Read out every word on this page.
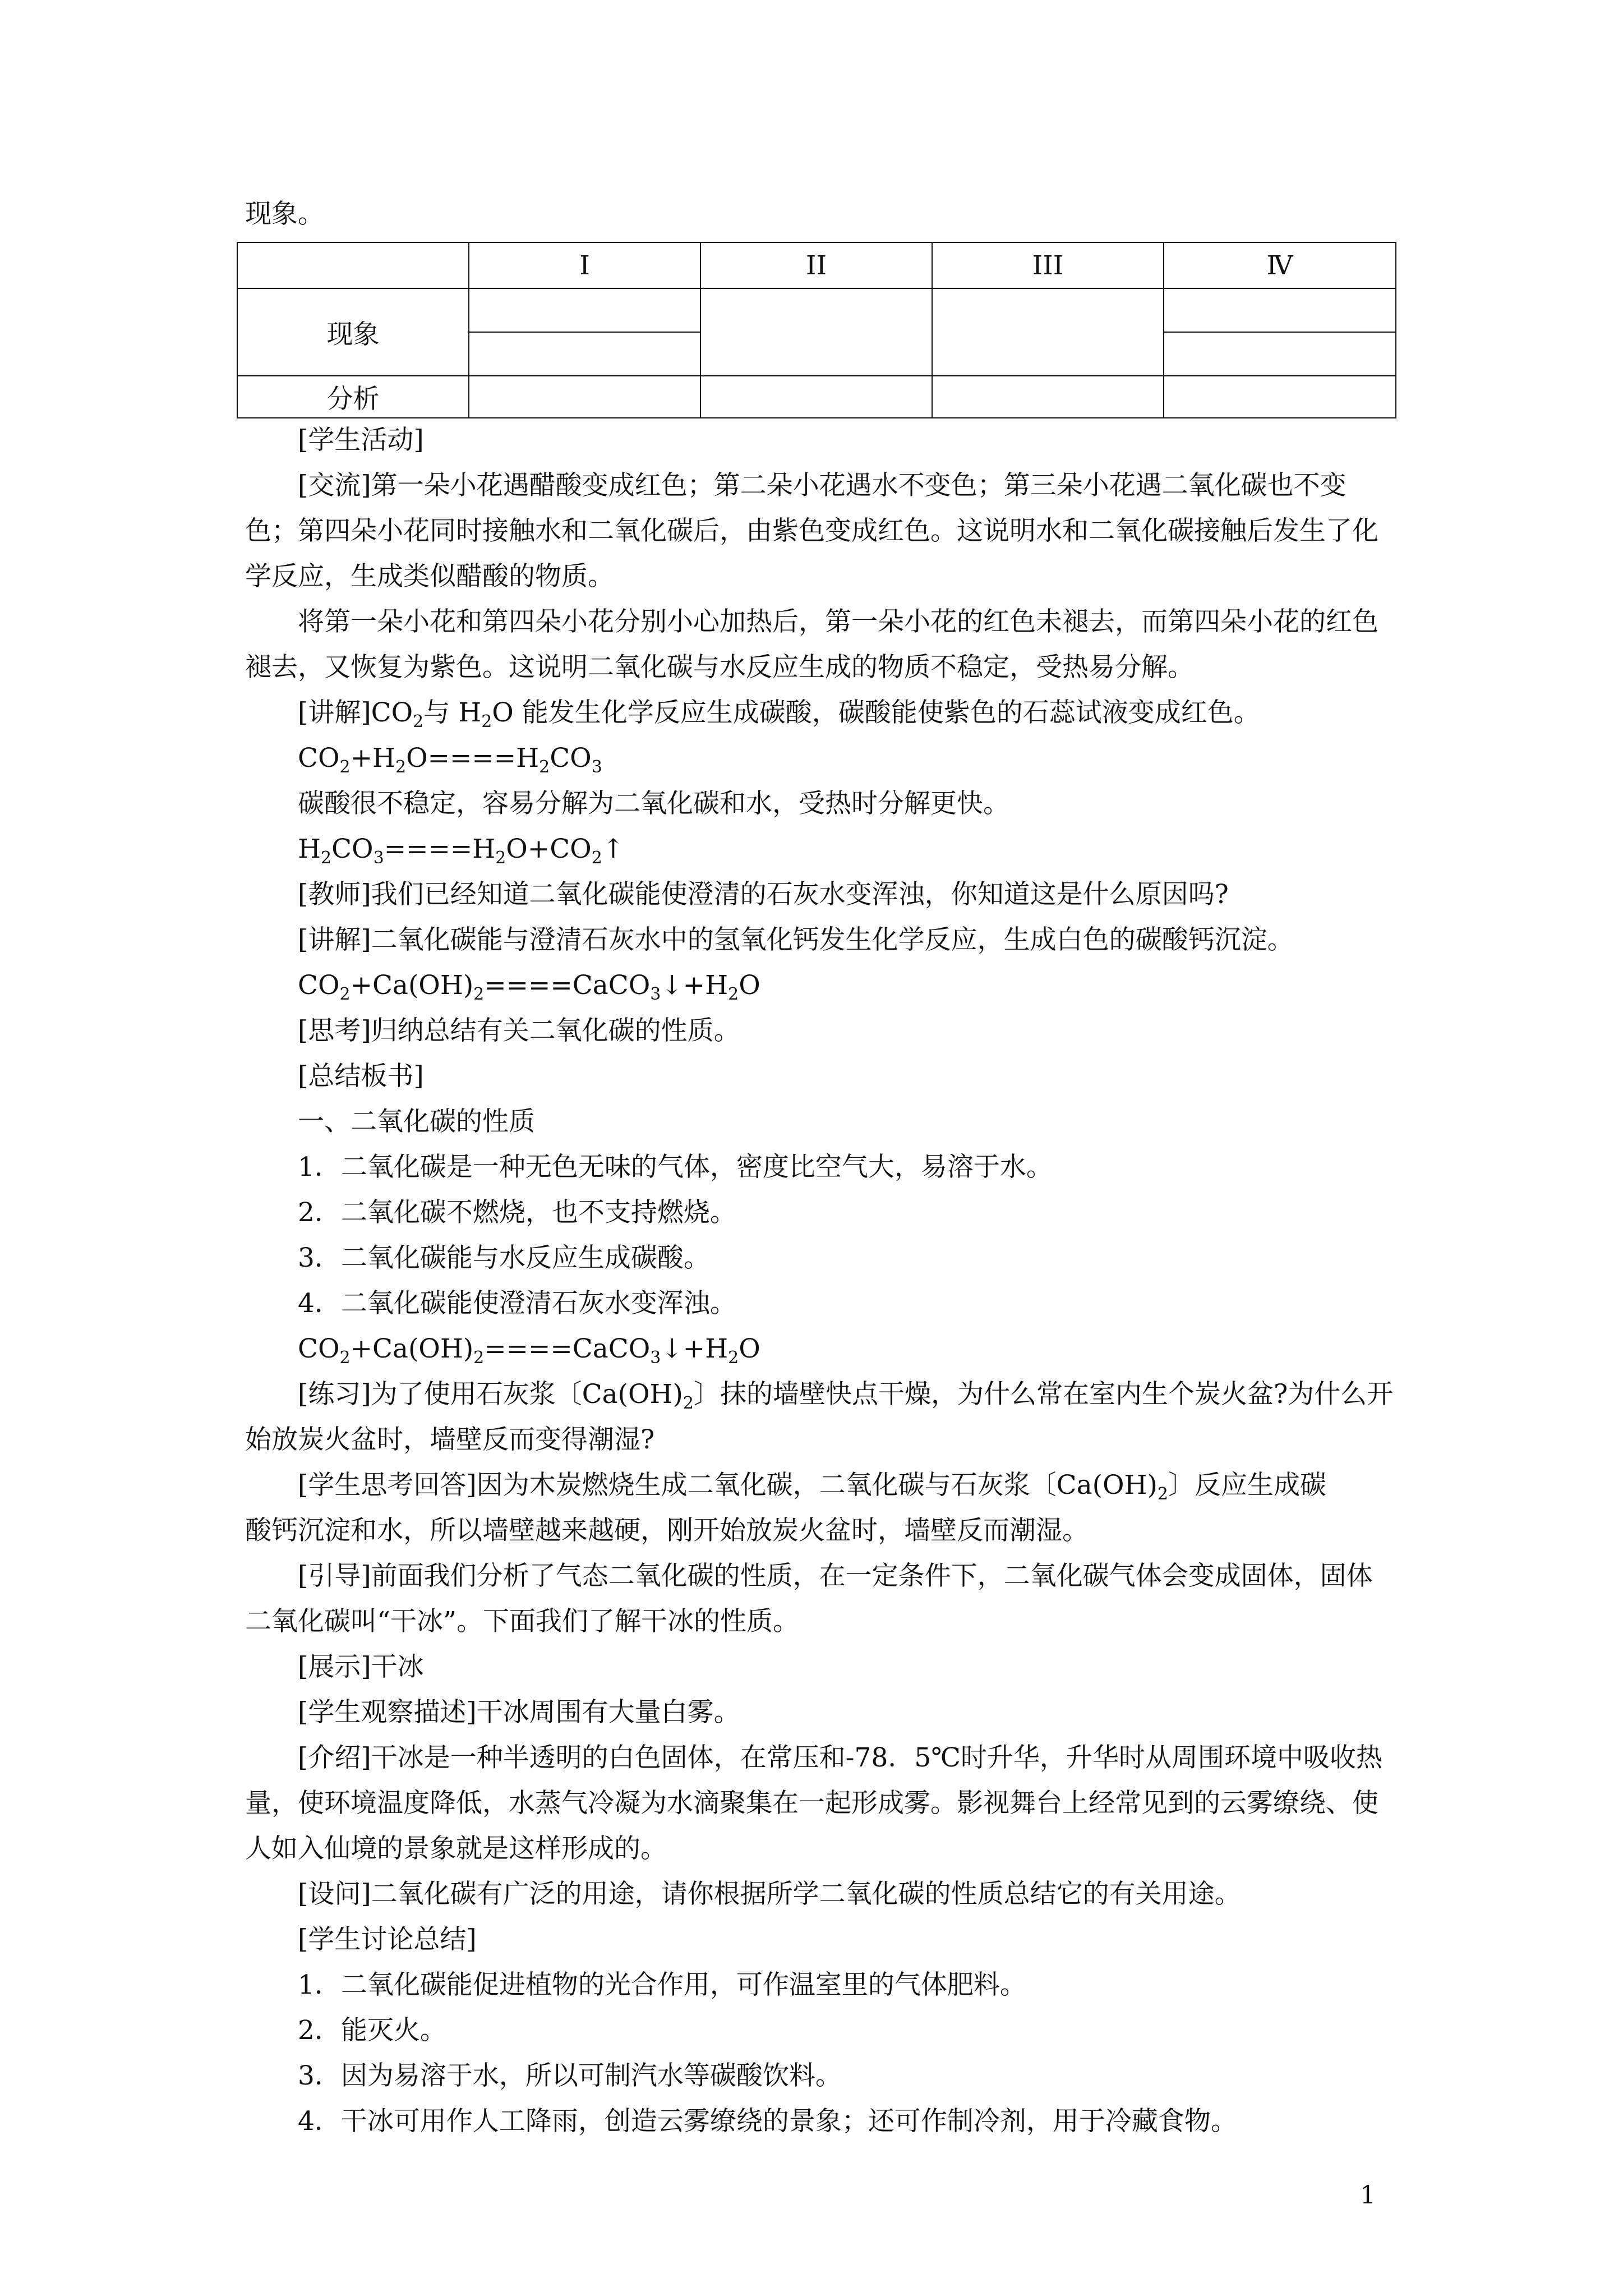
现象。
	I	II	III	Ⅳ
现象				

分析				

[学生活动]

[交流]第一朵小花遇醋酸变成红色；第二朵小花遇水不变色；第三朵小花遇二氧化碳也不变色；第四朵小花同时接触水和二氧化碳后，由紫色变成红色。这说明水和二氧化碳接触后发生了化学反应，生成类似醋酸的物质。

将第一朵小花和第四朵小花分别小心加热后，第一朵小花的红色未褪去，而第四朵小花的红色褪去，又恢复为紫色。这说明二氧化碳与水反应生成的物质不稳定，受热易分解。

[讲解]$CO_2$与 $H_2O$ 能发生化学反应生成碳酸，碳酸能使紫色的石蕊试液变成红色。

$CO_2+H_2O====H_2CO_3$

碳酸很不稳定，容易分解为二氧化碳和水，受热时分解更快。

$H_2CO_3====H_2O+CO_2↑$

[教师]我们已经知道二氧化碳能使澄清的石灰水变浑浊，你知道这是什么原因吗?

[讲解]二氧化碳能与澄清石灰水中的氢氧化钙发生化学反应，生成白色的碳酸钙沉淀。

$CO_2+Ca(OH)_2====CaCO_3↓+H_2O$

[思考]归纳总结有关二氧化碳的性质。

[总结板书]

一、二氧化碳的性质

1．二氧化碳是一种无色无味的气体，密度比空气大，易溶于水。

2．二氧化碳不燃烧，也不支持燃烧。

3．二氧化碳能与水反应生成碳酸。

4．二氧化碳能使澄清石灰水变浑浊。

$CO_2+Ca(OH)_2====CaCO_3↓+H_2O$

[练习]为了使用石灰浆〔$Ca(OH)_2$〕抹的墙壁快点干燥，为什么常在室内生个炭火盆?为什么开始放炭火盆时，墙壁反而变得潮湿?

[学生思考回答]因为木炭燃烧生成二氧化碳，二氧化碳与石灰浆〔$Ca(OH)_2$〕反应生成碳

酸钙沉淀和水，所以墙壁越来越硬，刚开始放炭火盆时，墙壁反而潮湿。

[引导]前面我们分析了气态二氧化碳的性质，在一定条件下，二氧化碳气体会变成固体，固体二氧化碳叫“干冰”。下面我们了解干冰的性质。

[展示]干冰

[学生观察描述]干冰周围有大量白雾。

[介绍]干冰是一种半透明的白色固体，在常压和-78．5℃时升华，升华时从周围环境中吸收热量，使环境温度降低，水蒸气冷凝为水滴聚集在一起形成雾。影视舞台上经常见到的云雾缭绕、使人如入仙境的景象就是这样形成的。

[设问]二氧化碳有广泛的用途，请你根据所学二氧化碳的性质总结它的有关用途。

[学生讨论总结]

1．二氧化碳能促进植物的光合作用，可作温室里的气体肥料。

2．能灭火。

3．因为易溶于水，所以可制汽水等碳酸饮料。

4．干冰可用作人工降雨，创造云雾缭绕的景象；还可作制冷剂，用于冷藏食物。

1
